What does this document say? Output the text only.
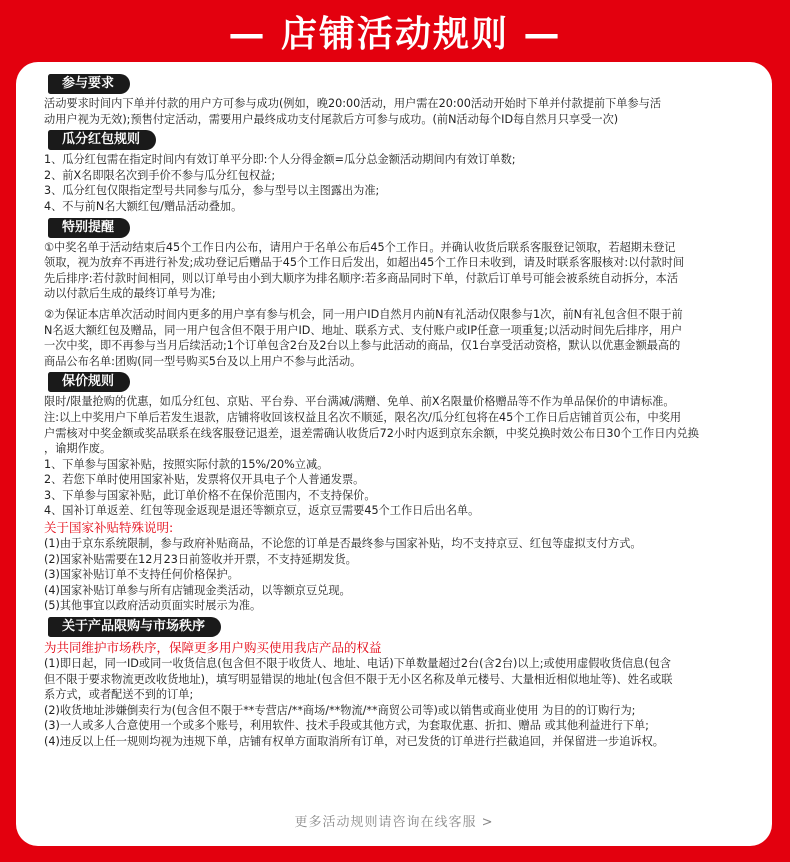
— 店铺活动规则 —
参与要求
活动要求时间内下单并付款的用户方可参与成功(例如，晚20:00活动，用户需在20:00活动开始时下单并付款提前下单参与活
动用户视为无效);预售付定活动，需要用户最终成功支付尾款后方可参与成功。(前N活动每个ID每自然月只享受一次)
瓜分红包规则
1、瓜分红包需在指定时间内有效订单平分即:个人分得金额=瓜分总金额活动期间内有效订单数;
2、前X名即限名次到手价不参与瓜分红包权益;
3、瓜分红包仅限指定型号共同参与瓜分，参与型号以主图露出为准;
4、不与前N名大额红包/赠品活动叠加。
特别提醒
①中奖名单于活动结束后45个工作日内公布，请用户于名单公布后45个工作日。并确认收货后联系客服登记领取，若超期未登记
领取，视为放弃不再进行补发;成功登记后赠品于45个工作日后发出，如超出45个工作日未收到，请及时联系客服核对:以付款时间
先后排序:若付款时间相同，则以订单号由小到大顺序为排名顺序:若多商品同时下单，付款后订单号可能会被系统自动拆分，本活
动以付款后生成的最终订单号为准;
②为保证本店单次活动时间内更多的用户享有参与机会，同一用户ID自然月内前N有礼活动仅限参与1次，前N有礼包含但不限于前
N名返大额红包及赠品，同一用户包含但不限于用户ID、地址、联系方式、支付账户或IP任意一项重复;以活动时间先后排序，用户
一次中奖，即不再参与当月后续活动;1个订单包含2台及2台以上参与此活动的商品，仅1台享受活动资格，默认以优惠金额最高的
商品公布名单:团购(同一型号购买5台及以上用户不参与此活动。
保价规则
限时/限量抢购的优惠，如瓜分红包、京贴、平台券、平台满减/满赠、免单、前X名限量价格赠品等不作为单品保价的申请标准。
注:以上中奖用户下单后若发生退款，店铺将收回该权益且名次不顺延，限名次/瓜分红包将在45个工作日后店铺首页公布，中奖用
户需核对中奖金额或奖品联系在线客服登记退差，退差需确认收货后72小时内返到京东余额，中奖兑换时效公布日30个工作日内兑换
，谕期作废。
1、下单参与国家补贴，按照实际付款的15%/20%立减。
2、若您下单时使用国家补贴，发票将仅开具电子个人普通发票。
3、下单参与国家补贴，此订单价格不在保价范围内，不支持保价。
4、国补订单返差、红包等现金返现是退还等额京豆，返京豆需要45个工作日后出名单。
关于国家补贴特殊说明:
(1)由于京东系统限制，参与政府补贴商品，不论您的订单是否最终参与国家补贴，均不支持京豆、红包等虚拟支付方式。
(2)国家补贴需要在12月23日前签收并开票，不支持延期发货。
(3)国家补贴订单不支持任何价格保护。
(4)国家补贴订单参与所有店铺现金类活动，以等额京豆兑现。
(5)其他事宜以政府活动页面实时展示为准。
关于产品限购与市场秩序
为共同维护市场秩序，保障更多用户购买使用我店产品的权益
(1)即日起，同一ID或同一收货信息(包含但不限于收货人、地址、电话)下单数量超过2台(含2台)以上;或使用虚假收货信息(包含
但不限于要求物流更改收货地址)，填写明显错误的地址(包含但不限于无小区名称及单元楼号、大量相近相似地址等)、姓名或联
系方式，或者配送不到的订单;
(2)收货地址涉嫌倒卖行为(包含但不限于**专营店/**商场/**物流/**商贸公司等)或以销售或商业使用 为目的的订购行为;
(3)一人或多人合意使用一个或多个账号，利用软件、技术手段或其他方式，为套取优惠、折扣、赠品 或其他利益进行下单;
(4)违反以上任一规则均视为违规下单，店铺有权单方面取消所有订单，对已发货的订单进行拦截追回，并保留进一步追诉权。
更多活动规则请咨询在线客服 >
